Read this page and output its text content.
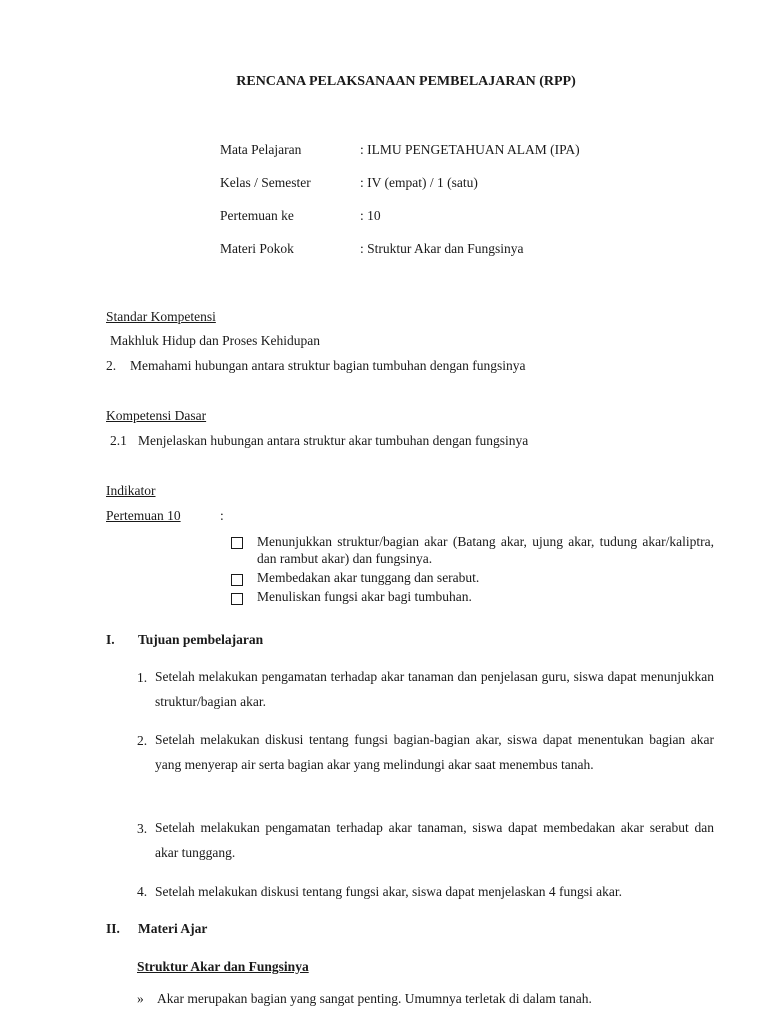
RENCANA PELAKSANAAN PEMBELAJARAN (RPP)
Mata Pelajaran	: ILMU PENGETAHUAN ALAM (IPA)
Kelas / Semester	: IV (empat) / 1 (satu)
Pertemuan ke	: 10
Materi Pokok	: Struktur Akar dan Fungsinya
Standar Kompetensi
Makhluk Hidup dan Proses Kehidupan
2. Memahami hubungan antara struktur bagian tumbuhan dengan fungsinya
Kompetensi Dasar
2.1 Menjelaskan hubungan antara struktur akar tumbuhan dengan fungsinya
Indikator
Pertemuan 10	:
Menunjukkan struktur/bagian akar (Batang akar, ujung akar, tudung akar/kaliptra, dan rambut akar) dan fungsinya.
Membedakan akar tunggang dan serabut.
Menuliskan fungsi akar bagi tumbuhan.
I. Tujuan pembelajaran
1. Setelah melakukan pengamatan terhadap akar tanaman dan penjelasan guru, siswa dapat menunjukkan struktur/bagian akar.
2. Setelah melakukan diskusi tentang fungsi bagian-bagian akar, siswa dapat menentukan bagian akar yang menyerap air serta bagian akar yang melindungi akar saat menembus tanah.
3. Setelah melakukan pengamatan terhadap akar tanaman, siswa dapat membedakan akar serabut dan akar tunggang.
4. Setelah melakukan diskusi tentang fungsi akar, siswa dapat menjelaskan 4 fungsi akar.
II. Materi Ajar
Struktur Akar dan Fungsinya
» Akar merupakan bagian yang sangat penting. Umumnya terletak di dalam tanah.
